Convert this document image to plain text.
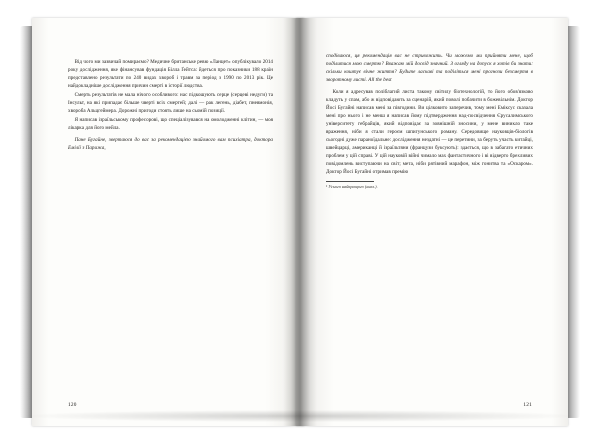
Від чого ми зазвичай помираємо? Медичне британське ревю «Ланцет» опублікувало 2014 року дослідження, яке фінансував фундація Білла Ґейтса: йдеться про показники 188 країн представлено результати по 240 видах хвороб і травм за період з 1990 по 2013 рік. Це найдокладніше дослідження причин смерті в історії людства.

Смерть результатів не мала нічого особливого: нас підкошують серце (серцеві недуги) та Інсульт, на які припадає більше чверті всіх смертей; далі — рак легень, діабет, пневмонія, хвороба Альцгеймера. Дорожні пригоди стоять лише на сьомій позиції.

Я написав ізраїльському професорові, що спеціалізувався на омолодженні клітин, — моя лікарка для його мейла.

Пане Бугайне, звертаюся до вас за рекомендацією знайомого вам психіатра, доктора Емілії з Парижа,

120

сподіваюся, ця рекомендація вас не стривожить. Чи можемо ми прийняти мене, щоб поділитися мою смертю? Вважаю мій досвід значний. З огляду на допуск я хотів би знати: скільки коштує вічне життя? Будьте ласкаві та поділіться мені прогнози безсмертя в зворотному листі. All the best

Коли я адресував поліблагий листа такому світилу біотехнологій, то його обов'язково кладуть у спам, або ж відповідають за сценарій, який поволі побачити в божевільнім. Доктор Йосі Бугайні написав мені за півгодини. Ви цілковито заперечив, тому мені Еміксус сказала мені про нього і не менш я написав йому підтвердження над-посвідчення Єрусалимського університету гебрайців, який відповідає за зовнішній зносини, у мене виникло таке враження, ніби я стали героєм шпигунського роману. Середовище науковців-біологів сьогодні дуже параноїдальне: дослідження нездатні — це перетини, за беруть участь китайці, швейцарці, американці й ізраїльтяни (французи буксують): здається, що в забагато етичних проблем у цій справі. У цій науковій війні чимало мах фантастичного і ві відверто брехливих повідомлень виступаючи на світ; мета, ніби рятівний марафон, між гонитва та «Оскаром». Доктор Йосі Бугайні отримав премію

¹ Усього найкращого (англ.).

121
